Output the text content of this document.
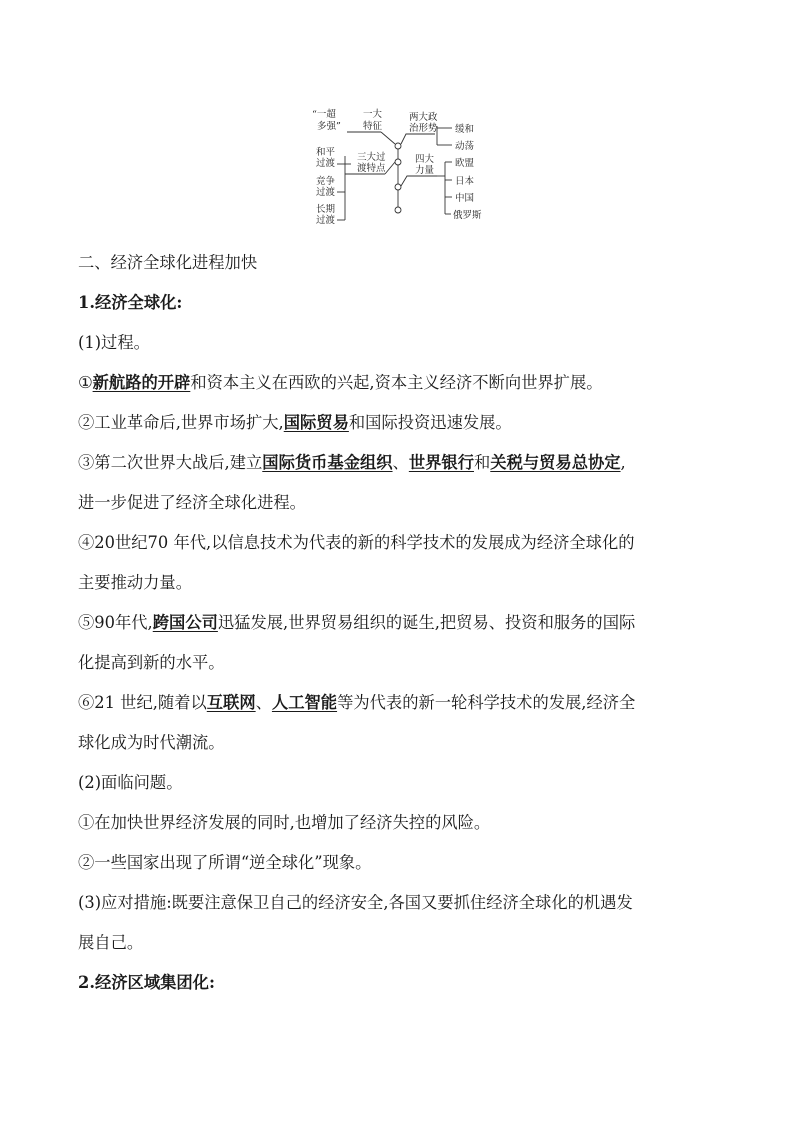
“一超
多强”
和平
过渡
竞争
过渡
长期
过渡
一大
特征
三大过
渡特点
两大政
治形势
四大
力量
缓和
动荡
欧盟
日本
中国
俄罗斯
二、经济全球化进程加快
1.经济全球化:
(1)过程。
①新航路的开辟和资本主义在西欧的兴起,资本主义经济不断向世界扩展。
②工业革命后,世界市场扩大,国际贸易和国际投资迅速发展。
③第二次世界大战后,建立国际货币基金组织、世界银行和关税与贸易总协定,
进一步促进了经济全球化进程。
④20世纪70 年代,以信息技术为代表的新的科学技术的发展成为经济全球化的
主要推动力量。
⑤90年代,跨国公司迅猛发展,世界贸易组织的诞生,把贸易、投资和服务的国际
化提高到新的水平。
⑥21 世纪,随着以互联网、人工智能等为代表的新一轮科学技术的发展,经济全
球化成为时代潮流。
(2)面临问题。
①在加快世界经济发展的同时,也增加了经济失控的风险。
②一些国家出现了所谓“逆全球化”现象。
(3)应对措施:既要注意保卫自己的经济安全,各国又要抓住经济全球化的机遇发
展自己。
2.经济区域集团化:
